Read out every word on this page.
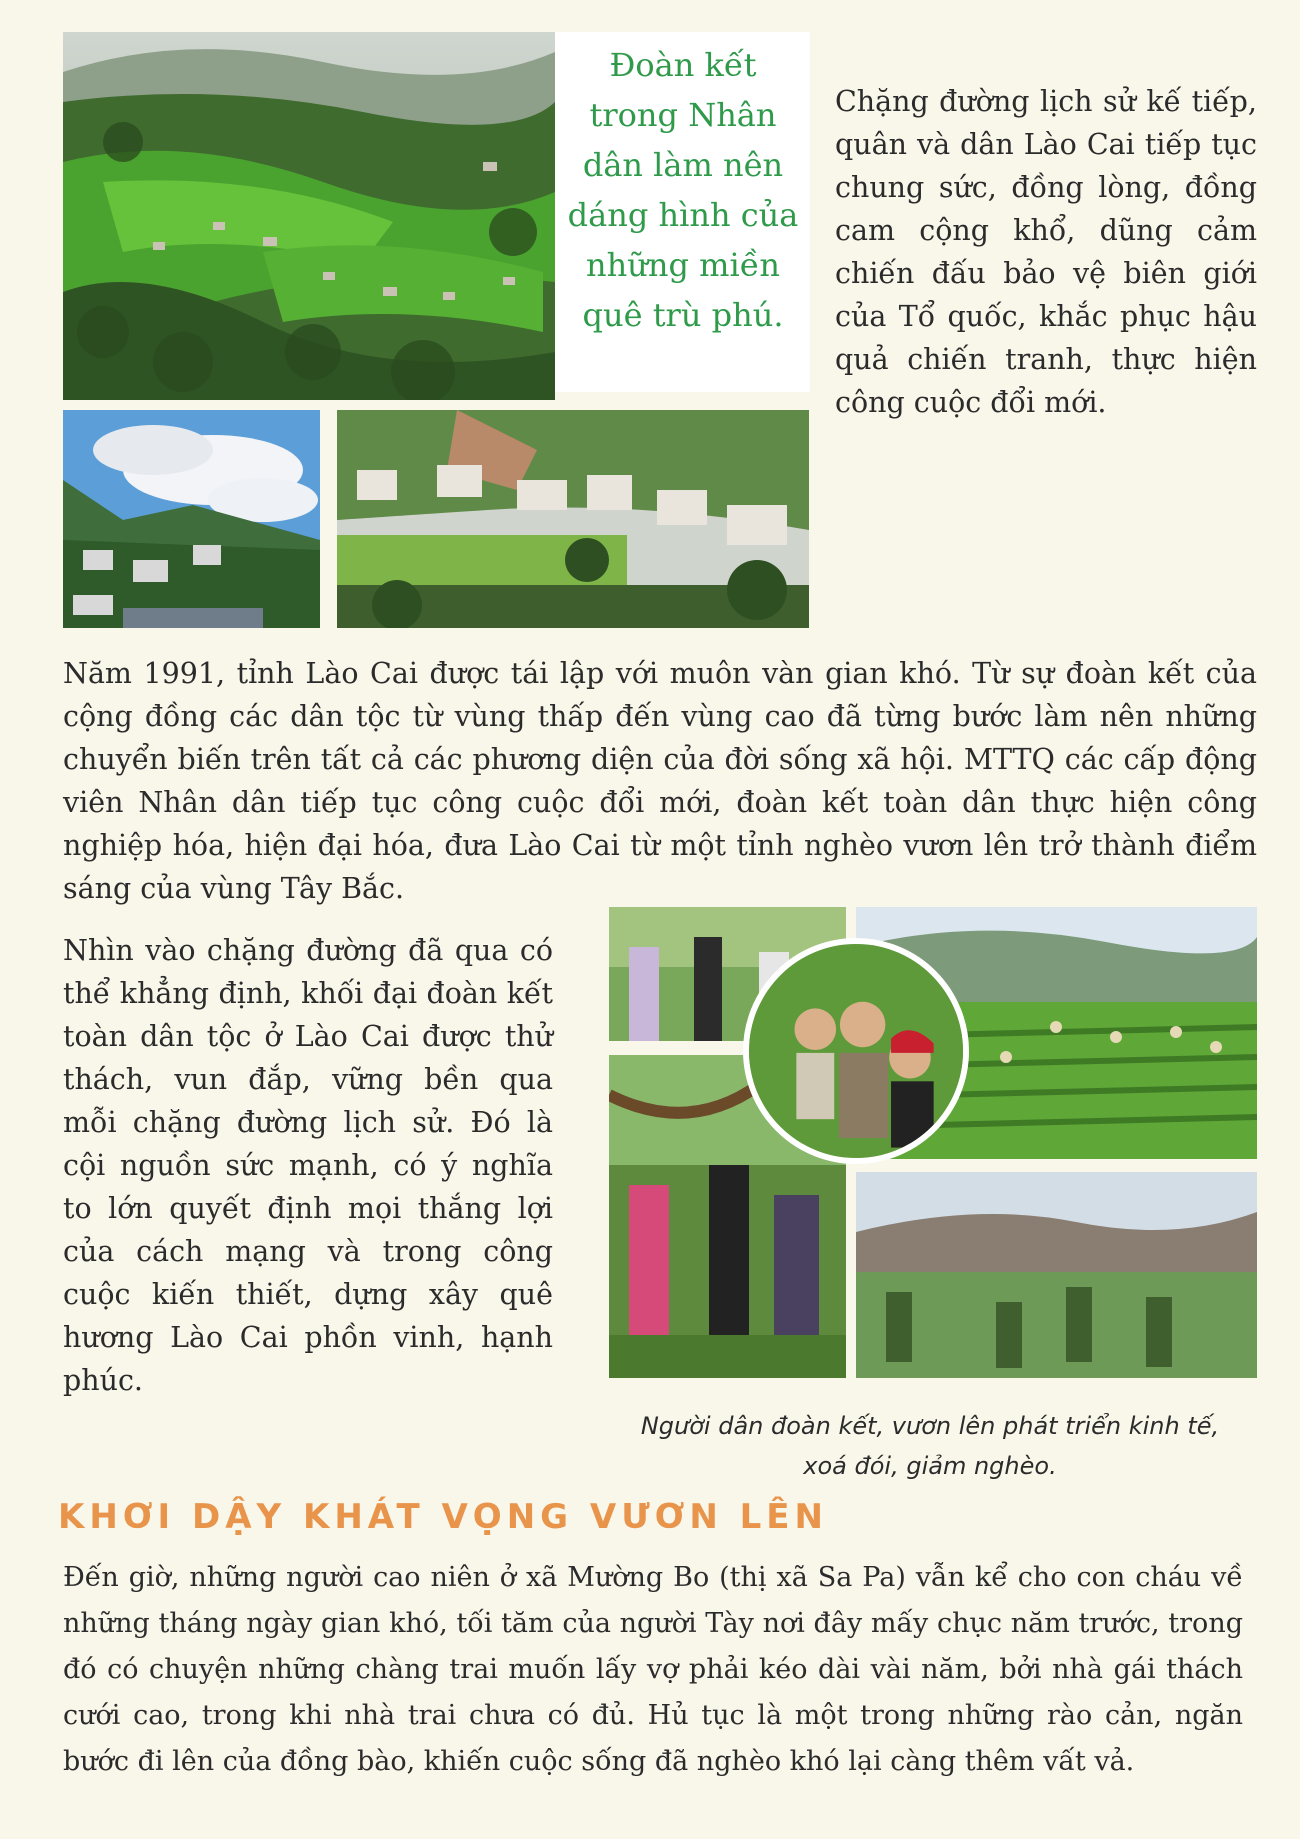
Đoàn kết trong Nhân dân làm nên dáng hình của những miền quê trù phú.
Chặng đường lịch sử kế tiếp, quân và dân Lào Cai tiếp tục chung sức, đồng lòng, đồng cam cộng khổ, dũng cảm chiến đấu bảo vệ biên giới của Tổ quốc, khắc phục hậu quả chiến tranh, thực hiện công cuộc đổi mới.
Năm 1991, tỉnh Lào Cai được tái lập với muôn vàn gian khó. Từ sự đoàn kết của cộng đồng các dân tộc từ vùng thấp đến vùng cao đã từng bước làm nên những chuyển biến trên tất cả các phương diện của đời sống xã hội. MTTQ các cấp động viên Nhân dân tiếp tục công cuộc đổi mới, đoàn kết toàn dân thực hiện công nghiệp hóa, hiện đại hóa, đưa Lào Cai từ một tỉnh nghèo vươn lên trở thành điểm sáng của vùng Tây Bắc.
Nhìn vào chặng đường đã qua có thể khẳng định, khối đại đoàn kết toàn dân tộc ở Lào Cai được thử thách, vun đắp, vững bền qua mỗi chặng đường lịch sử. Đó là cội nguồn sức mạnh, có ý nghĩa to lớn quyết định mọi thắng lợi của cách mạng và trong công cuộc kiến thiết, dựng xây quê hương Lào Cai phồn vinh, hạnh phúc.
Người dân đoàn kết, vươn lên phát triển kinh tế,
xoá đói, giảm nghèo.
KHƠI DẬY KHÁT VỌNG VƯƠN LÊN
Đến giờ, những người cao niên ở xã Mường Bo (thị xã Sa Pa) vẫn kể cho con cháu về những tháng ngày gian khó, tối tăm của người Tày nơi đây mấy chục năm trước, trong đó có chuyện những chàng trai muốn lấy vợ phải kéo dài vài năm, bởi nhà gái thách cưới cao, trong khi nhà trai chưa có đủ. Hủ tục là một trong những rào cản, ngăn bước đi lên của đồng bào, khiến cuộc sống đã nghèo khó lại càng thêm vất vả.
